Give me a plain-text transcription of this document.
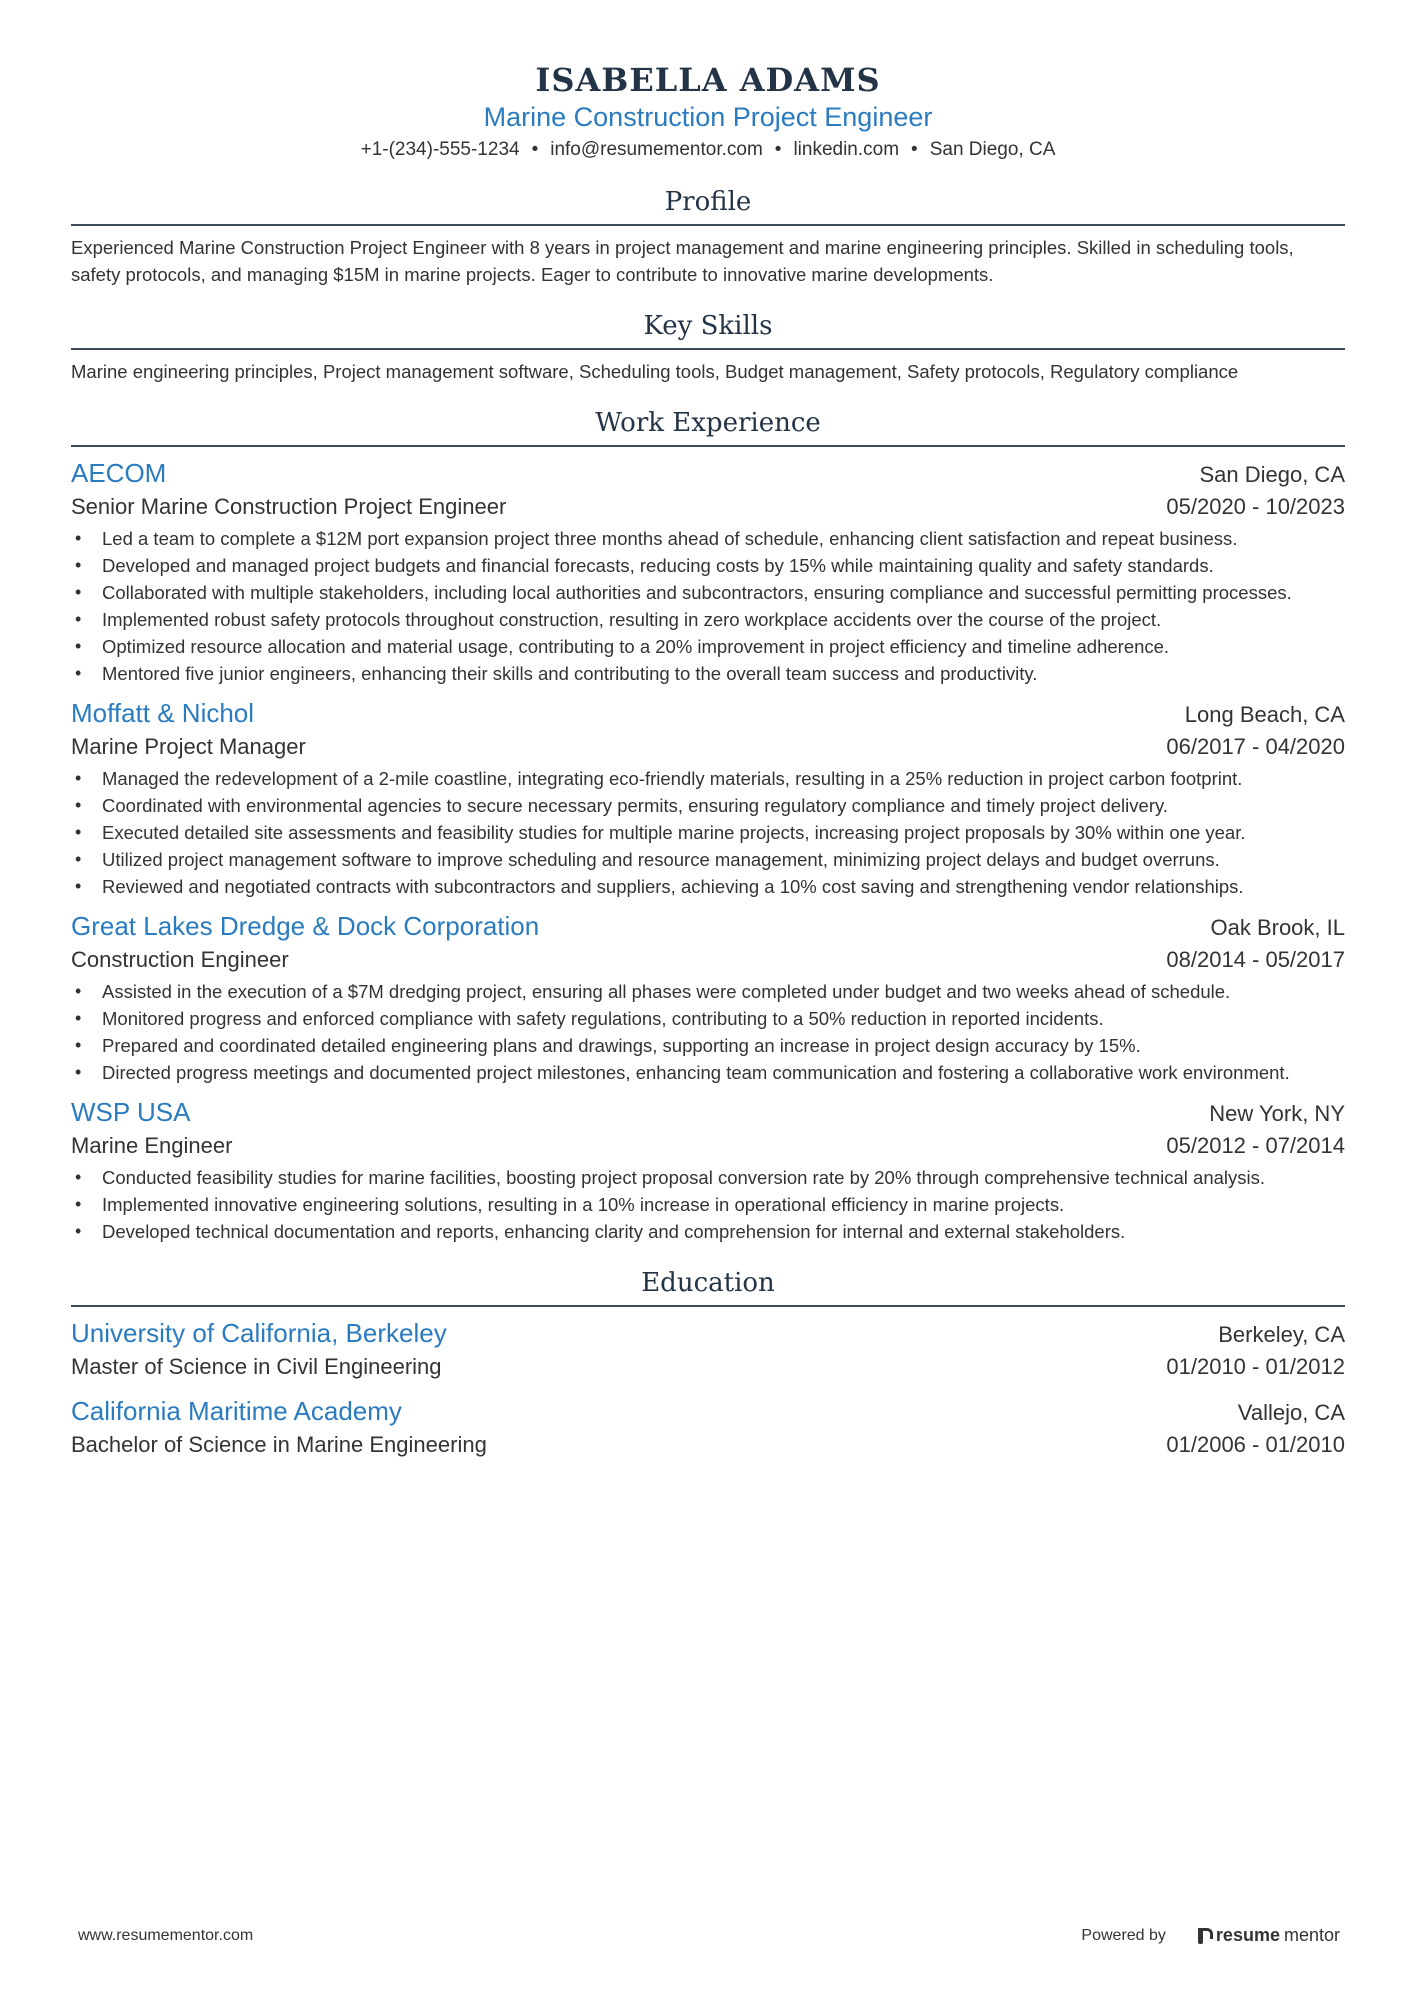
ISABELLA ADAMS
Marine Construction Project Engineer
+1-(234)-555-1234 • info@resumementor.com • linkedin.com • San Diego, CA
Profile

Experienced Marine Construction Project Engineer with 8 years in project management and marine engineering principles. Skilled in scheduling tools, safety protocols, and managing $15M in marine projects. Eager to contribute to innovative marine developments.

Key Skills

Marine engineering principles, Project management software, Scheduling tools, Budget management, Safety protocols, Regulatory compliance

Work Experience
AECOM	San Diego, CA
Senior Marine Construction Project Engineer	05/2020 - 10/2023
• Led a team to complete a $12M port expansion project three months ahead of schedule, enhancing client satisfaction and repeat business.
• Developed and managed project budgets and financial forecasts, reducing costs by 15% while maintaining quality and safety standards.
• Collaborated with multiple stakeholders, including local authorities and subcontractors, ensuring compliance and successful permitting processes.
• Implemented robust safety protocols throughout construction, resulting in zero workplace accidents over the course of the project.
• Optimized resource allocation and material usage, contributing to a 20% improvement in project efficiency and timeline adherence.
• Mentored five junior engineers, enhancing their skills and contributing to the overall team success and productivity.
Moffatt & Nichol	Long Beach, CA
Marine Project Manager	06/2017 - 04/2020
• Managed the redevelopment of a 2-mile coastline, integrating eco-friendly materials, resulting in a 25% reduction in project carbon footprint.
• Coordinated with environmental agencies to secure necessary permits, ensuring regulatory compliance and timely project delivery.
• Executed detailed site assessments and feasibility studies for multiple marine projects, increasing project proposals by 30% within one year.
• Utilized project management software to improve scheduling and resource management, minimizing project delays and budget overruns.
• Reviewed and negotiated contracts with subcontractors and suppliers, achieving a 10% cost saving and strengthening vendor relationships.
Great Lakes Dredge & Dock Corporation	Oak Brook, IL
Construction Engineer	08/2014 - 05/2017
• Assisted in the execution of a $7M dredging project, ensuring all phases were completed under budget and two weeks ahead of schedule.
• Monitored progress and enforced compliance with safety regulations, contributing to a 50% reduction in reported incidents.
• Prepared and coordinated detailed engineering plans and drawings, supporting an increase in project design accuracy by 15%.
• Directed progress meetings and documented project milestones, enhancing team communication and fostering a collaborative work environment.
WSP USA	New York, NY
Marine Engineer	05/2012 - 07/2014
• Conducted feasibility studies for marine facilities, boosting project proposal conversion rate by 20% through comprehensive technical analysis.
• Implemented innovative engineering solutions, resulting in a 10% increase in operational efficiency in marine projects.
• Developed technical documentation and reports, enhancing clarity and comprehension for internal and external stakeholders.
Education
University of California, Berkeley	Berkeley, CA
Master of Science in Civil Engineering	01/2010 - 01/2012
California Maritime Academy	Vallejo, CA
Bachelor of Science in Marine Engineering	01/2006 - 01/2010
www.resumementor.com	Powered by	resume mentor
